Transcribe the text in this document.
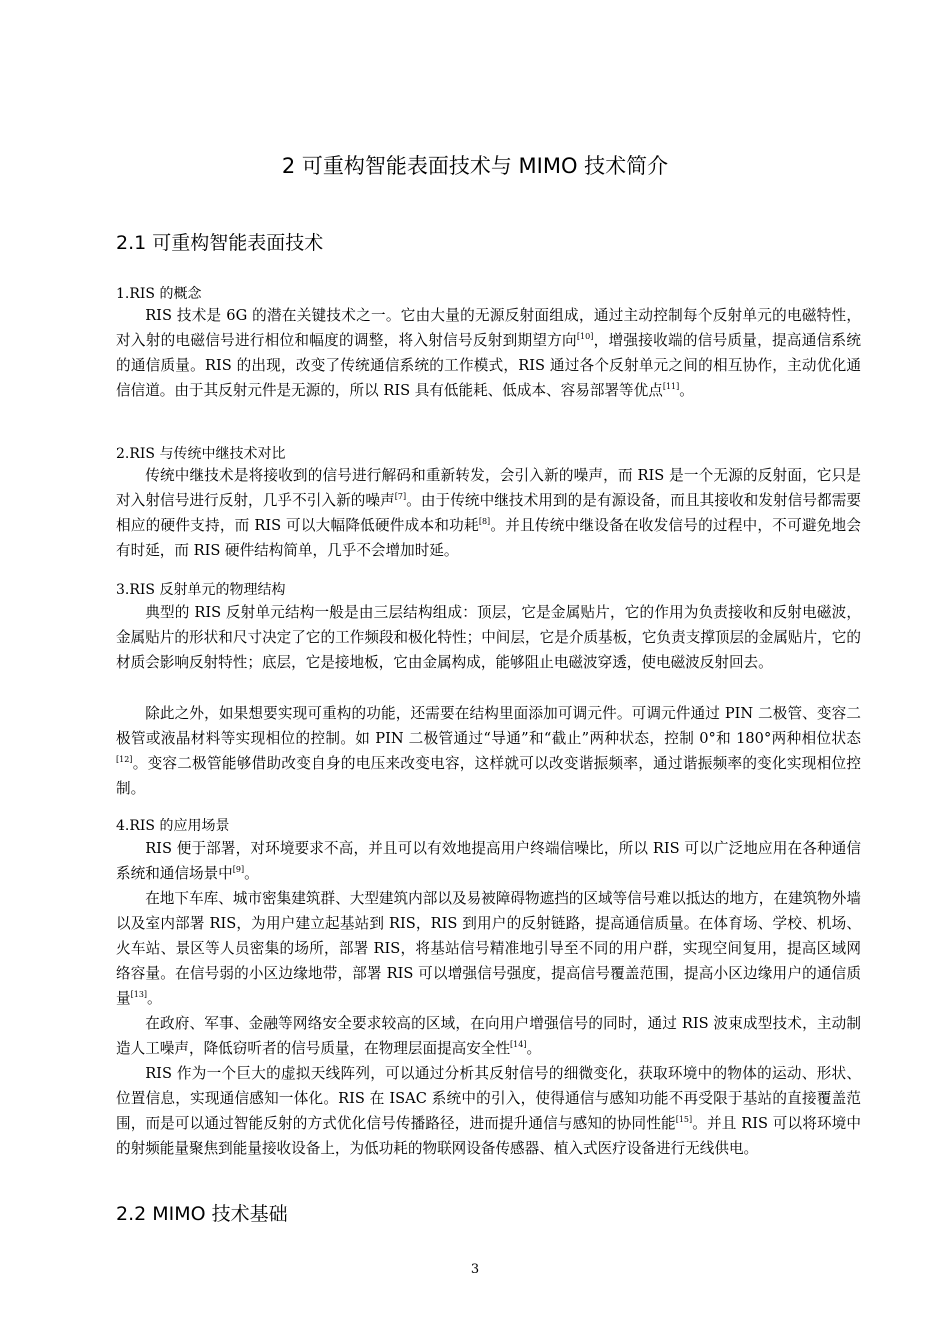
2 可重构智能表面技术与 MIMO 技术简介
2.1 可重构智能表面技术
1.RIS 的概念

RIS 技术是 6G 的潜在关键技术之一。它由大量的无源反射面组成，通过主动控制每个反射单元的电磁特性，对入射的电磁信号进行相位和幅度的调整，将入射信号反射到期望方向[10]，增强接收端的信号质量，提高通信系统的通信质量。RIS 的出现，改变了传统通信系统的工作模式，RIS 通过各个反射单元之间的相互协作，主动优化通信信道。由于其反射元件是无源的，所以 RIS 具有低能耗、低成本、容易部署等优点[11]。

2.RIS 与传统中继技术对比

传统中继技术是将接收到的信号进行解码和重新转发，会引入新的噪声，而 RIS 是一个无源的反射面，它只是对入射信号进行反射，几乎不引入新的噪声[7]。由于传统中继技术用到的是有源设备，而且其接收和发射信号都需要相应的硬件支持，而 RIS 可以大幅降低硬件成本和功耗[8]。并且传统中继设备在收发信号的过程中，不可避免地会有时延，而 RIS 硬件结构简单，几乎不会增加时延。

3.RIS 反射单元的物理结构

典型的 RIS 反射单元结构一般是由三层结构组成：顶层，它是金属贴片，它的作用为负责接收和反射电磁波，金属贴片的形状和尺寸决定了它的工作频段和极化特性；中间层，它是介质基板，它负责支撑顶层的金属贴片，它的材质会影响反射特性；底层，它是接地板，它由金属构成，能够阻止电磁波穿透，使电磁波反射回去。

除此之外，如果想要实现可重构的功能，还需要在结构里面添加可调元件。可调元件通过 PIN 二极管、变容二极管或液晶材料等实现相位的控制。如 PIN 二极管通过“导通”和“截止”两种状态，控制 0°和 180°两种相位状态[12]。变容二极管能够借助改变自身的电压来改变电容，这样就可以改变谐振频率，通过谐振频率的变化实现相位控制。

4.RIS 的应用场景

RIS 便于部署，对环境要求不高，并且可以有效地提高用户终端信噪比，所以 RIS 可以广泛地应用在各种通信系统和通信场景中[9]。

在地下车库、城市密集建筑群、大型建筑内部以及易被障碍物遮挡的区域等信号难以抵达的地方，在建筑物外墙以及室内部署 RIS，为用户建立起基站到 RIS，RIS 到用户的反射链路，提高通信质量。在体育场、学校、机场、火车站、景区等人员密集的场所，部署 RIS，将基站信号精准地引导至不同的用户群，实现空间复用，提高区域网络容量。在信号弱的小区边缘地带，部署 RIS 可以增强信号强度，提高信号覆盖范围，提高小区边缘用户的通信质量[13]。

在政府、军事、金融等网络安全要求较高的区域，在向用户增强信号的同时，通过 RIS 波束成型技术，主动制造人工噪声，降低窃听者的信号质量，在物理层面提高安全性[14]。

RIS 作为一个巨大的虚拟天线阵列，可以通过分析其反射信号的细微变化，获取环境中的物体的运动、形状、位置信息，实现通信感知一体化。RIS 在 ISAC 系统中的引入，使得通信与感知功能不再受限于基站的直接覆盖范围，而是可以通过智能反射的方式优化信号传播路径，进而提升通信与感知的协同性能[15]。并且 RIS 可以将环境中的射频能量聚焦到能量接收设备上，为低功耗的物联网设备传感器、植入式医疗设备进行无线供电。

2.2 MIMO 技术基础
3
